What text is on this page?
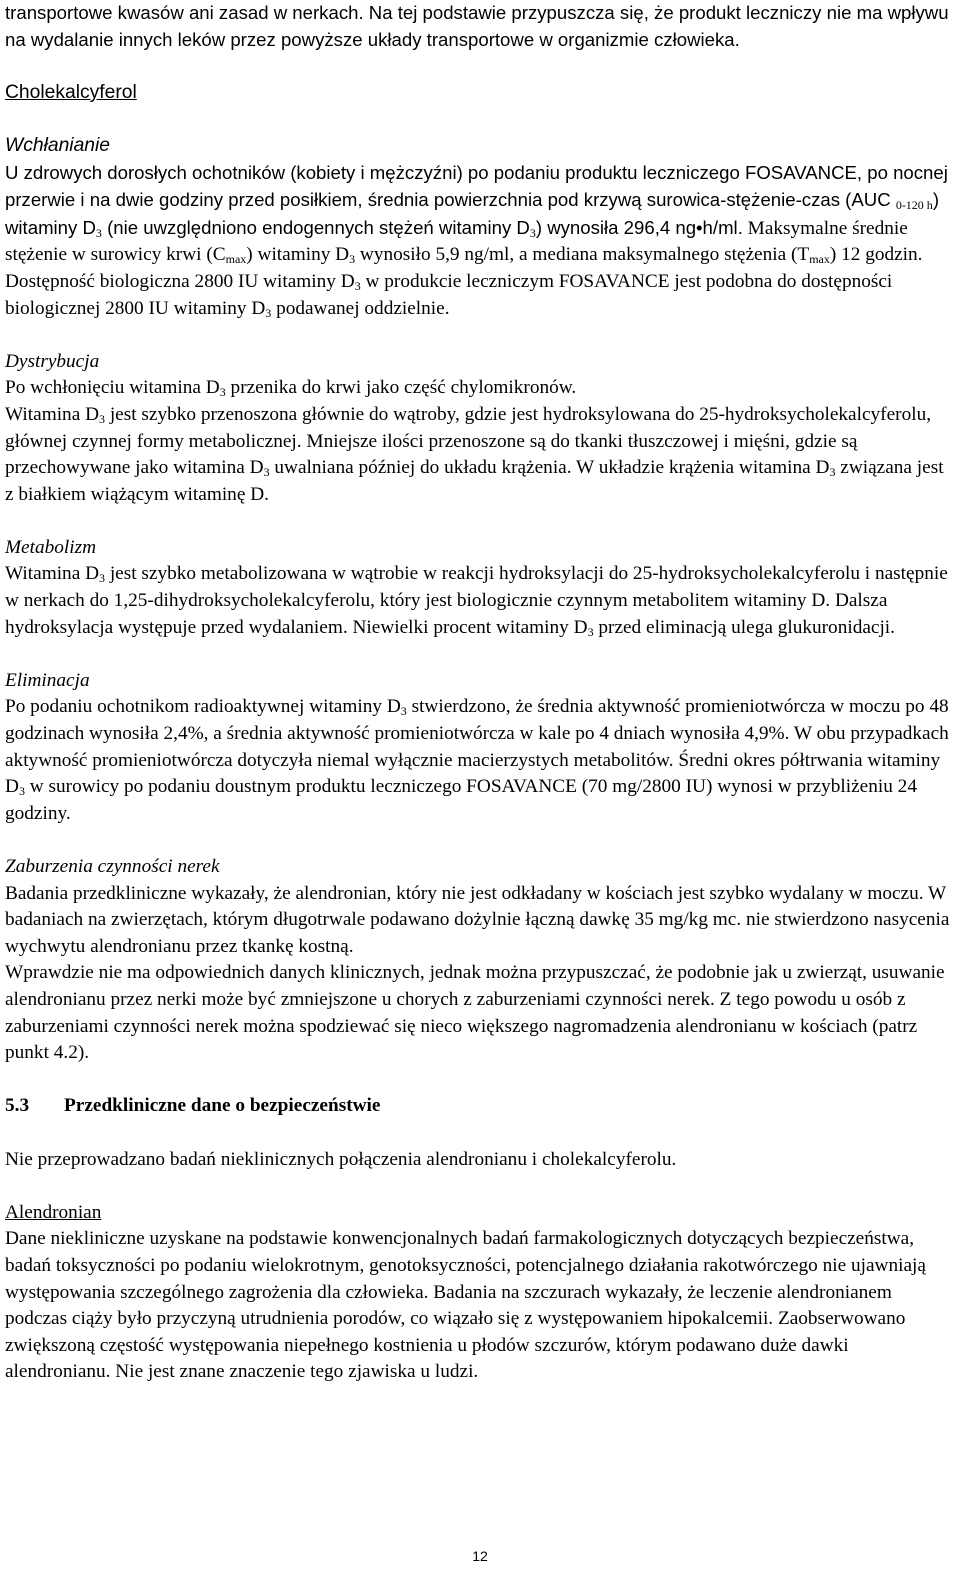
transportowe kwasów ani zasad w nerkach. Na tej podstawie przypuszcza się, że produkt leczniczy nie ma wpływu na wydalanie innych leków przez powyższe układy transportowe w organizmie człowieka.

Cholekalcyferol

Wchłanianie

U zdrowych dorosłych ochotników (kobiety i mężczyźni) po podaniu produktu leczniczego FOSAVANCE, po nocnej przerwie i na dwie godziny przed posiłkiem, średnia powierzchnia pod krzywą surowica-stężenie-czas (AUC $_{0-120 h}$) witaminy $D_3$ (nie uwzględniono endogennych stężeń witaminy $D_3$) wynosiła 296,4 ng•h/ml. Maksymalne średnie stężenie w surowicy krwi $(C_{max})$ witaminy $D_3$ wynosiło 5,9 ng/ml, a mediana maksymalnego stężenia $(T_{max})$ 12 godzin. Dostępność biologiczna 2800 IU witaminy $D_3$ w produkcie leczniczym FOSAVANCE jest podobna do dostępności biologicznej 2800 IU witaminy $D_3$ podawanej oddzielnie.

Dystrybucja

Po wchłonięciu witamina $D_3$ przenika do krwi jako część chylomikronów.

Witamina $D_3$ jest szybko przenoszona głównie do wątroby, gdzie jest hydroksylowana do 25-hydroksycholekalcyferolu, głównej czynnej formy metabolicznej. Mniejsze ilości przenoszone są do tkanki tłuszczowej i mięśni, gdzie są przechowywane jako witamina $D_3$ uwalniana później do układu krążenia. W układzie krążenia witamina $D_3$ związana jest z białkiem wiążącym witaminę D.

Metabolizm

Witamina $D_3$ jest szybko metabolizowana w wątrobie w reakcji hydroksylacji do 25-hydroksycholekalcyferolu i następnie w nerkach do 1,25-dihydroksycholekalcyferolu, który jest biologicznie czynnym metabolitem witaminy D. Dalsza hydroksylacja występuje przed wydalaniem. Niewielki procent witaminy $D_3$ przed eliminacją ulega glukuronidacji.

Eliminacja

Po podaniu ochotnikom radioaktywnej witaminy $D_3$ stwierdzono, że średnia aktywność promieniotwórcza w moczu po 48 godzinach wynosiła 2,4%, a średnia aktywność promieniotwórcza w kale po 4 dniach wynosiła 4,9%. W obu przypadkach aktywność promieniotwórcza dotyczyła niemal wyłącznie macierzystych metabolitów. Średni okres półtrwania witaminy $D_3$ w surowicy po podaniu doustnym produktu leczniczego FOSAVANCE (70 mg/2800 IU) wynosi w przybliżeniu 24 godziny.

Zaburzenia czynności nerek

Badania przedkliniczne wykazały, że alendronian, który nie jest odkładany w kościach jest szybko wydalany w moczu. W badaniach na zwierzętach, którym długotrwale podawano dożylnie łączną dawkę 35 mg/kg mc. nie stwierdzono nasycenia wychwytu alendronianu przez tkankę kostną.

Wprawdzie nie ma odpowiednich danych klinicznych, jednak można przypuszczać, że podobnie jak u zwierząt, usuwanie alendronianu przez nerki może być zmniejszone u chorych z zaburzeniami czynności nerek. Z tego powodu u osób z zaburzeniami czynności nerek można spodziewać się nieco większego nagromadzenia alendronianu w kościach (patrz punkt 4.2).

5.3 Przedkliniczne dane o bezpieczeństwie

Nie przeprowadzano badań nieklinicznych połączenia alendronianu i cholekalcyferolu.

Alendronian

Dane niekliniczne uzyskane na podstawie konwencjonalnych badań farmakologicznych dotyczących bezpieczeństwa, badań toksyczności po podaniu wielokrotnym, genotoksyczności, potencjalnego działania rakotwórczego nie ujawniają występowania szczególnego zagrożenia dla człowieka. Badania na szczurach wykazały, że leczenie alendronianem podczas ciąży było przyczyną utrudnienia porodów, co wiązało się z występowaniem hipokalcemii. Zaobserwowano zwiększoną częstość występowania niepełnego kostnienia u płodów szczurów, którym podawano duże dawki alendronianu. Nie jest znane znaczenie tego zjawiska u ludzi.

12
